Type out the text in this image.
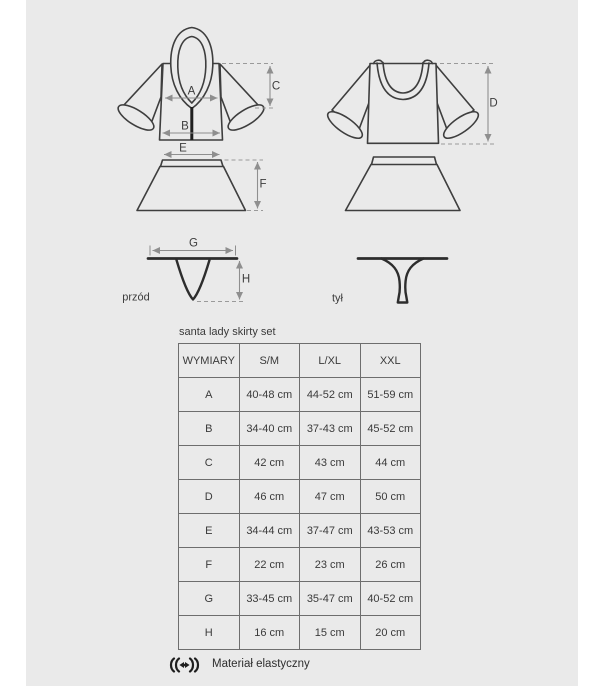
A
B
C
D
E
F
G
H
przód	tył
santa lady skirty set
WYMIARY	S/M	L/XL	XXL
A	40-48 cm	44-52 cm	51-59 cm
B	34-40 cm	37-43 cm	45-52 cm
C	42 cm	43 cm	44 cm
D	46 cm	47 cm	50 cm
E	34-44 cm	37-47 cm	43-53 cm
F	22 cm	23 cm	26 cm
G	33-45 cm	35-47 cm	40-52 cm
H	16 cm	15 cm	20 cm
Materiał elastyczny
